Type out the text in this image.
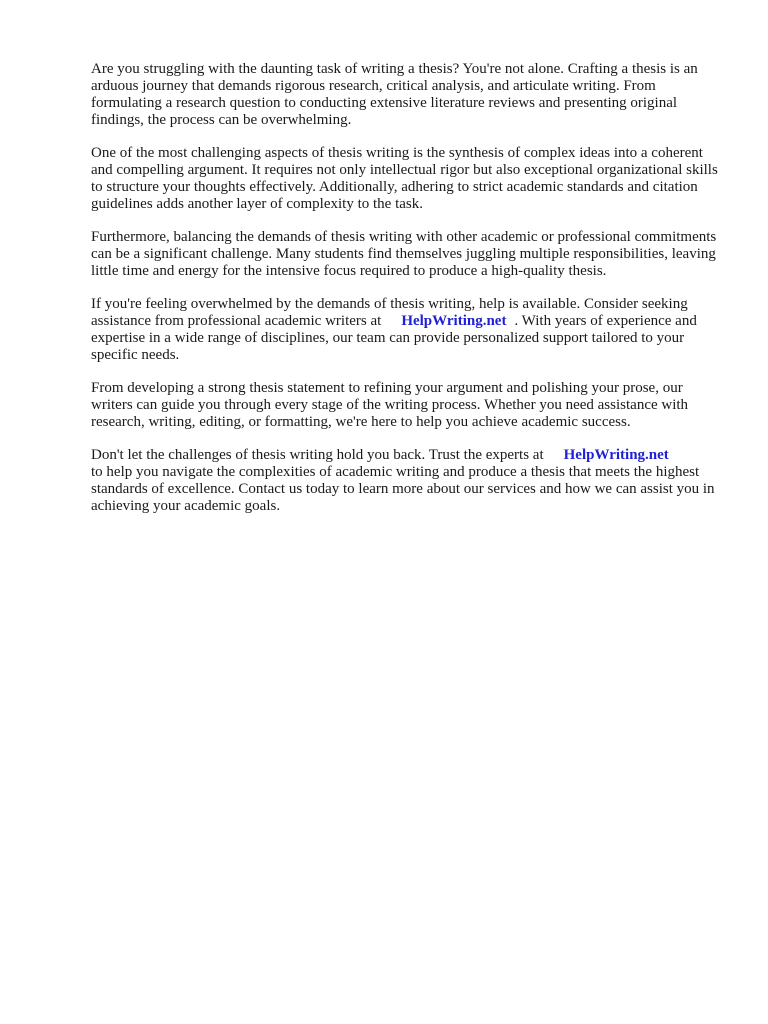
Are you struggling with the daunting task of writing a thesis? You're not alone. Crafting a thesis is an arduous journey that demands rigorous research, critical analysis, and articulate writing. From formulating a research question to conducting extensive literature reviews and presenting original findings, the process can be overwhelming.

One of the most challenging aspects of thesis writing is the synthesis of complex ideas into a coherent and compelling argument. It requires not only intellectual rigor but also exceptional organizational skills to structure your thoughts effectively. Additionally, adhering to strict academic standards and citation guidelines adds another layer of complexity to the task.

Furthermore, balancing the demands of thesis writing with other academic or professional commitments can be a significant challenge. Many students find themselves juggling multiple responsibilities, leaving little time and energy for the intensive focus required to produce a high-quality thesis.

If you're feeling overwhelmed by the demands of thesis writing, help is available. Consider seeking assistance from professional academic writers at HelpWriting.net . With years of experience and expertise in a wide range of disciplines, our team can provide personalized support tailored to your specific needs.

From developing a strong thesis statement to refining your argument and polishing your prose, our writers can guide you through every stage of the writing process. Whether you need assistance with research, writing, editing, or formatting, we're here to help you achieve academic success.

Don't let the challenges of thesis writing hold you back. Trust the experts at HelpWriting.net
to help you navigate the complexities of academic writing and produce a thesis that meets the highest standards of excellence. Contact us today to learn more about our services and how we can assist you in achieving your academic goals.
